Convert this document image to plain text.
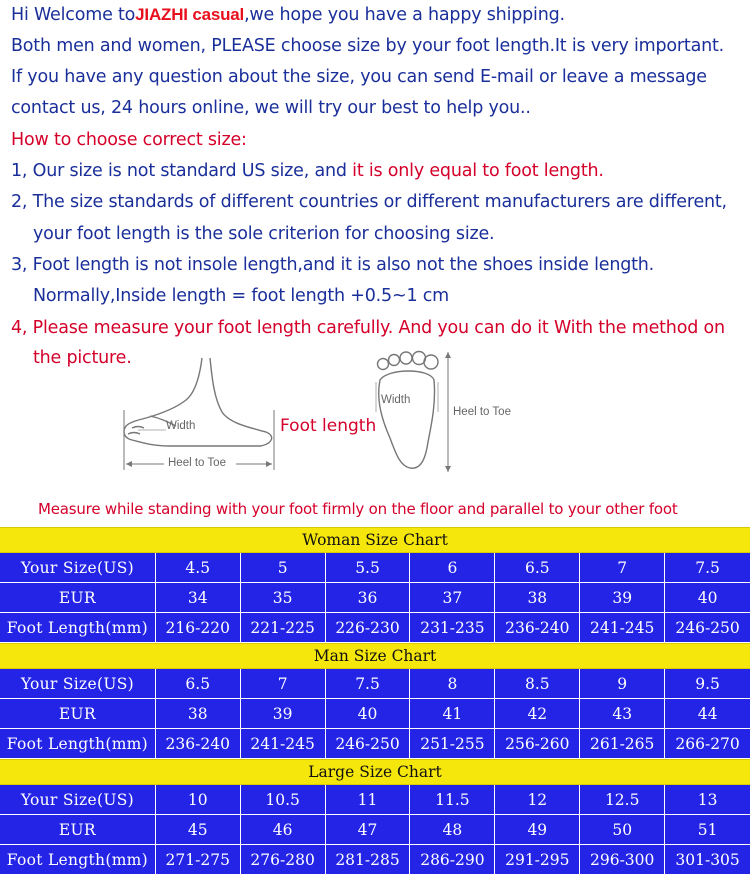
Hi Welcome toJIAZHI casual,we hope you have a happy shipping.
Both men and women, PLEASE choose size by your foot length.It is very important.
If you have any question about the size, you can send E-mail or leave a message
contact us, 24 hours online, we will try our best to help you..
How to choose correct size:
1, Our size is not standard US size, and it is only equal to foot length.
2, The size standards of different countries or different manufacturers are different,
your foot length is the sole criterion for choosing size.
3, Foot length is not insole length,and it is also not the shoes inside length.
Normally,Inside length = foot length +0.5~1 cm
4, Please measure your foot length carefully. And you can do it With the method on
the picture.
Width
Heel to Toe
Foot length
Width
Heel to Toe
Measure while standing with your foot firmly on the floor and parallel to your other foot
Woman Size Chart
Your Size(US)	4.5	5	5.5	6	6.5	7	7.5
EUR	34	35	36	37	38	39	40
Foot Length(mm)	216-220	221-225	226-230	231-235	236-240	241-245	246-250
Man Size Chart
Your Size(US)	6.5	7	7.5	8	8.5	9	9.5
EUR	38	39	40	41	42	43	44
Foot Length(mm)	236-240	241-245	246-250	251-255	256-260	261-265	266-270
Large Size Chart
Your Size(US)	10	10.5	11	11.5	12	12.5	13
EUR	45	46	47	48	49	50	51
Foot Length(mm)	271-275	276-280	281-285	286-290	291-295	296-300	301-305
